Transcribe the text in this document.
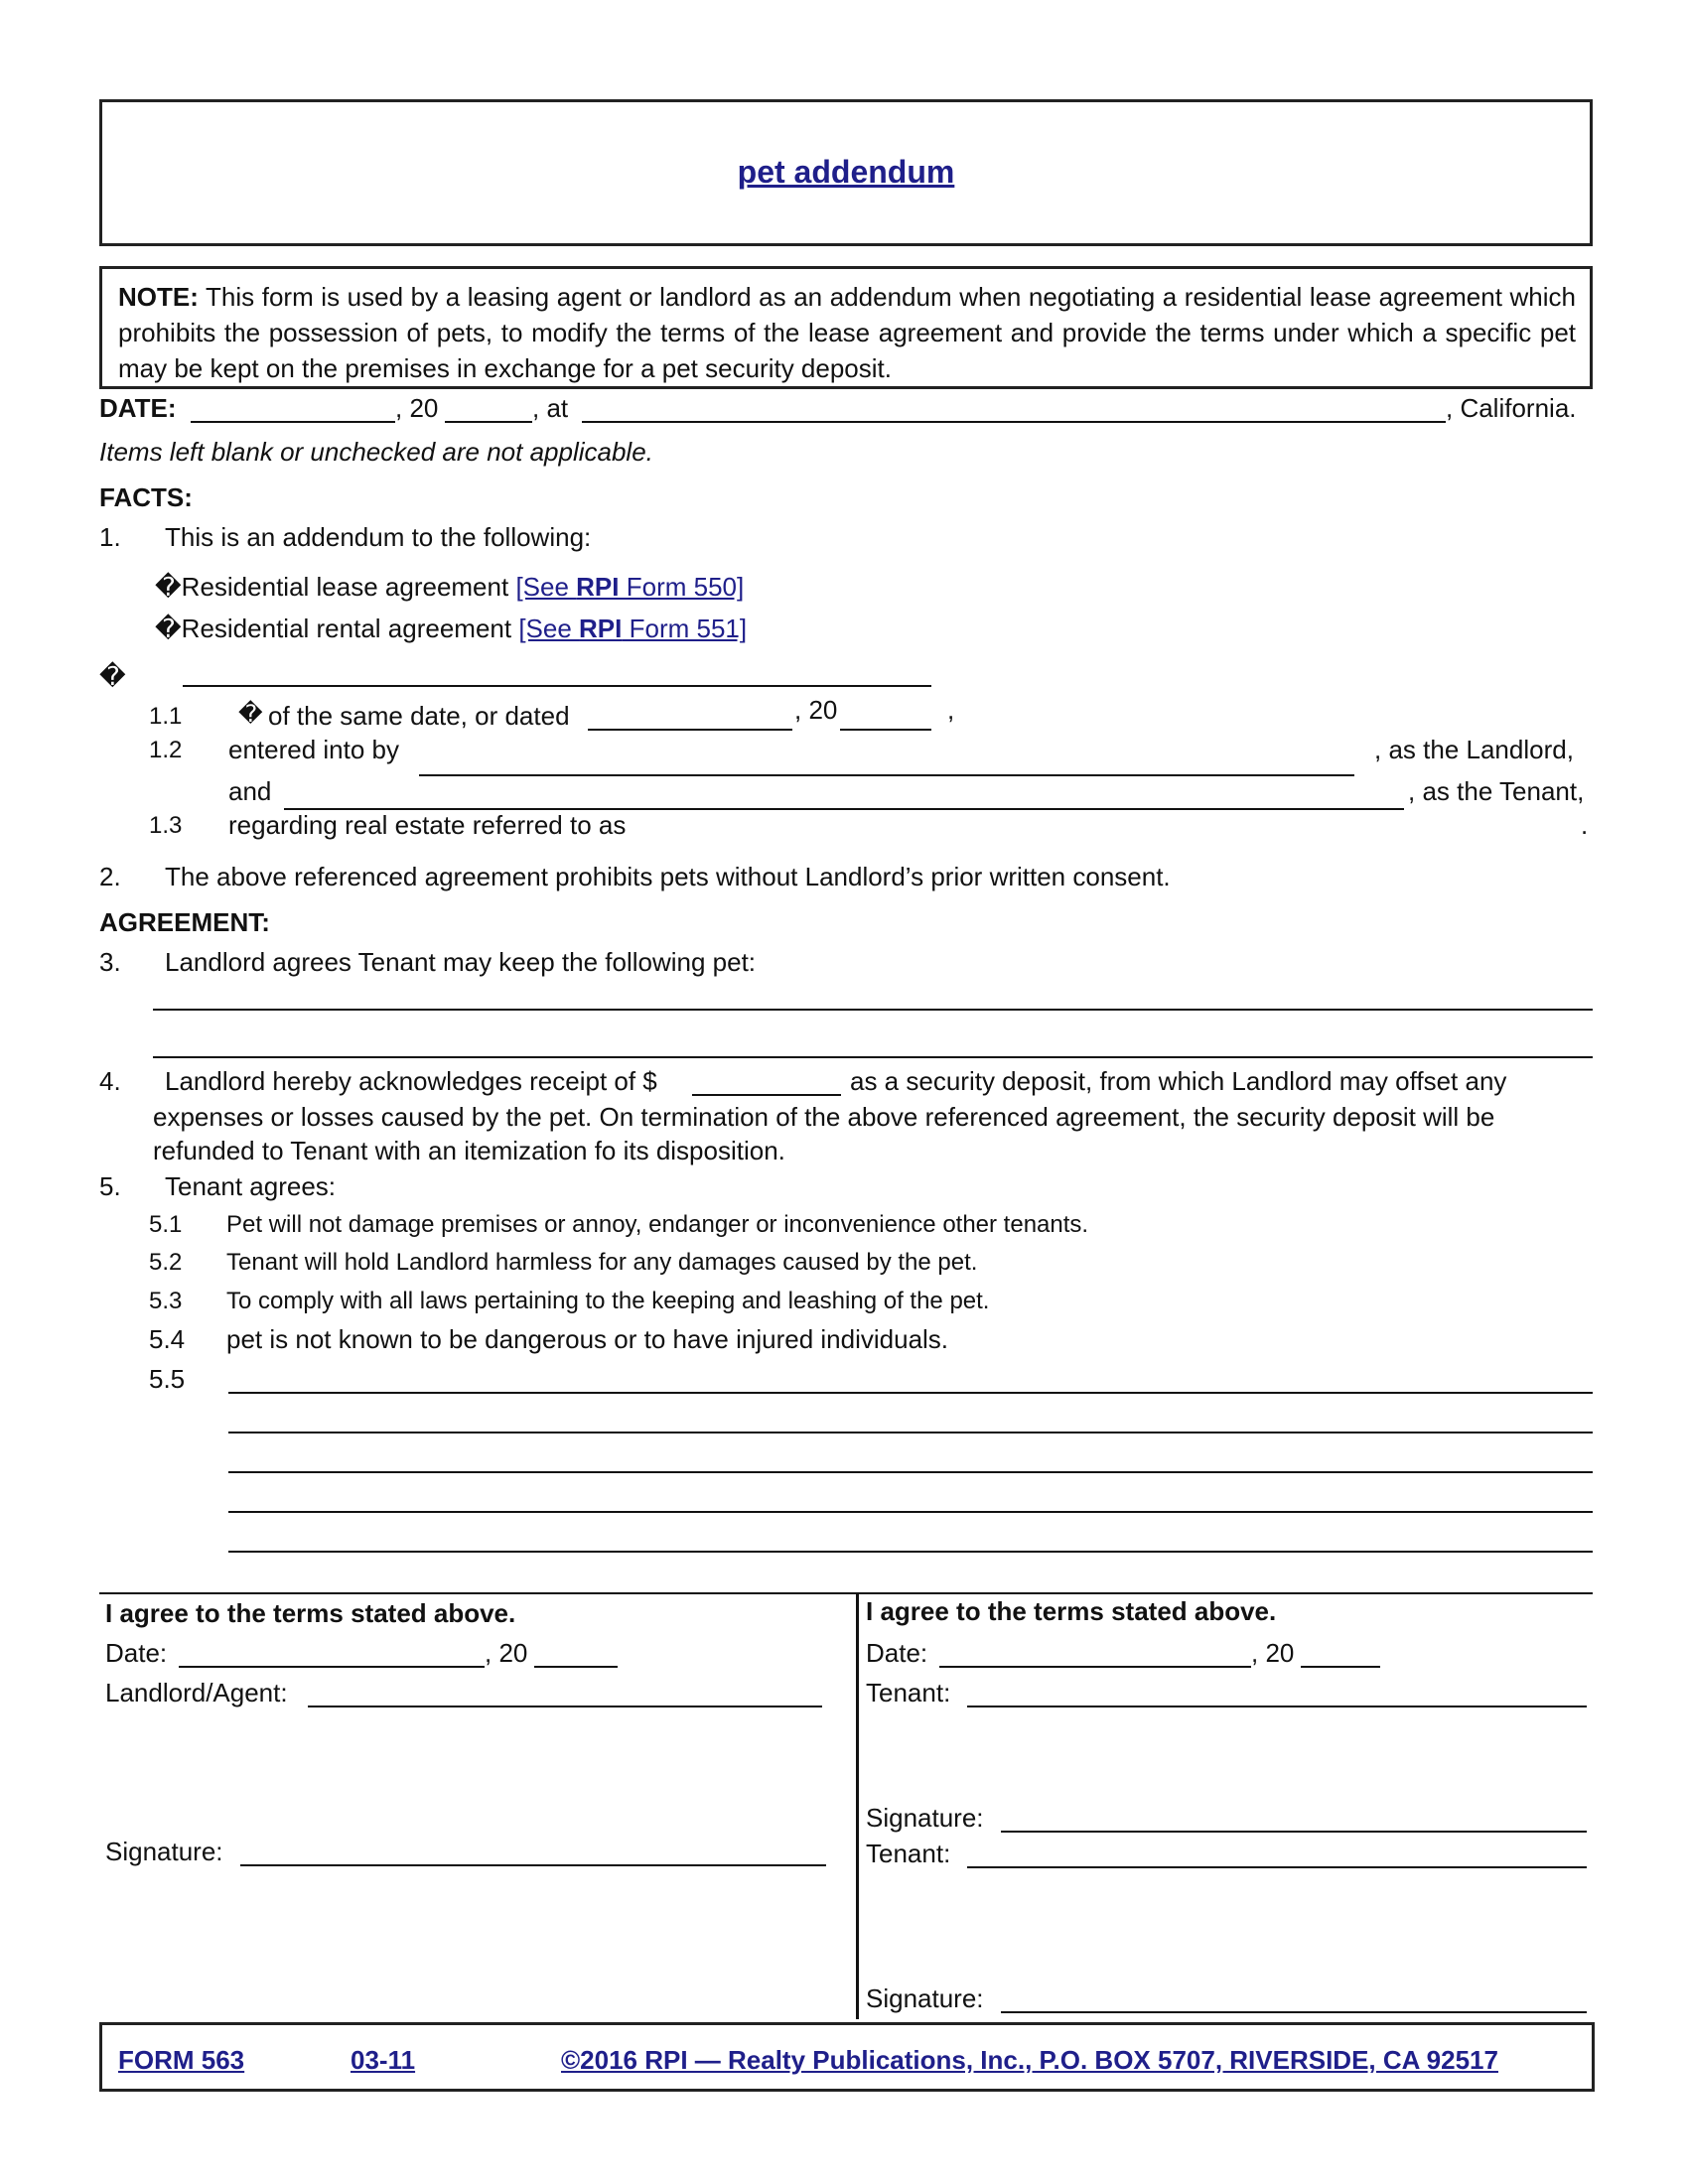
pet addendum
NOTE: This form is used by a leasing agent or landlord as an addendum when negotiating a residential lease agreement which prohibits the possession of pets, to modify the terms of the lease agreement and provide the terms under which a specific pet may be kept on the premises in exchange for a pet security deposit.
DATE:	, 20	, at	, California.
Items left blank or unchecked are not applicable.
FACTS:
1. This is an addendum to the following:
�Residential lease agreement [See RPI Form 550]
�Residential rental agreement [See RPI Form 551]
�
1.1 � of the same date, or dated	, 20	,
1.2 entered into by	, as the Landlord,
and	, as the Tenant,
1.3 regarding real estate referred to as	.
2. The above referenced agreement prohibits pets without Landlord’s prior written consent.
AGREEMENT:
3. Landlord agrees Tenant may keep the following pet:
4. Landlord hereby acknowledges receipt of $	as a security deposit, from which Landlord may offset any
expenses or losses caused by the pet. On termination of the above referenced agreement, the security deposit will be
refunded to Tenant with an itemization fo its disposition.
5. Tenant agrees:
5.1 Pet will not damage premises or annoy, endanger or inconvenience other tenants.
5.2 Tenant will hold Landlord harmless for any damages caused by the pet.
5.3 To comply with all laws pertaining to the keeping and leashing of the pet.
5.4 pet is not known to be dangerous or to have injured individuals.
5.5
I agree to the terms stated above.
Date:	, 20
Landlord/Agent:
Signature:
I agree to the terms stated above.
Date:	, 20
Tenant:
Signature:
Tenant:
Signature:
FORM 563	03-11	©2016 RPI — Realty Publications, Inc., P.O. BOX 5707, RIVERSIDE, CA 92517
